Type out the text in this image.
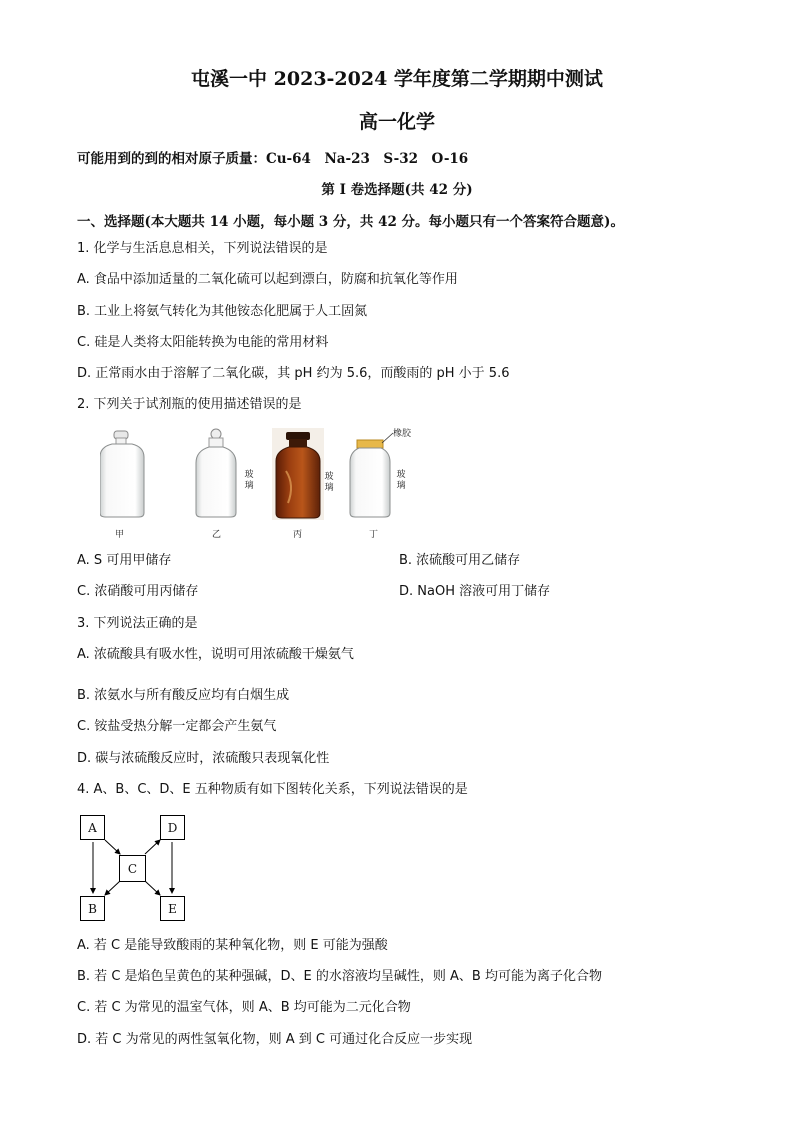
屯溪一中 2023-2024 学年度第二学期期中测试
高一化学
可能用到的到的相对原子质量：Cu-64　Na-23　S-32　O-16
第 I 卷选择题(共 42 分)
一、选择题(本大题共 14 小题，每小题 3 分，共 42 分。每小题只有一个答案符合题意)。
1. 化学与生活息息相关，下列说法错误的是
A. 食品中添加适量的二氧化硫可以起到漂白，防腐和抗氧化等作用
B. 工业上将氨气转化为其他铵态化肥属于人工固氮
C. 硅是人类将太阳能转换为电能的常用材料
D. 正常雨水由于溶解了二氧化碳，其 pH 约为 5.6，而酸雨的 pH 小于 5.6
2. 下列关于试剂瓶的使用描述错误的是
甲	乙	丙	丁
玻
璃
玻
璃
玻
璃
橡胶
A. S 可用甲储存	B. 浓硫酸可用乙储存
C. 浓硝酸可用丙储存	D. NaOH 溶液可用丁储存
3. 下列说法正确的是
A. 浓硫酸具有吸水性，说明可用浓硫酸干燥氨气
B. 浓氨水与所有酸反应均有白烟生成
C. 铵盐受热分解一定都会产生氨气
D. 碳与浓硫酸反应时，浓硫酸只表现氧化性
4. A、B、C、D、E 五种物质有如下图转化关系，下列说法错误的是
A
B
C
D
E
A. 若 C 是能导致酸雨的某种氧化物，则 E 可能为强酸
B. 若 C 是焰色呈黄色的某种强碱，D、E 的水溶液均呈碱性，则 A、B 均可能为离子化合物
C. 若 C 为常见的温室气体，则 A、B 均可能为二元化合物
D. 若 C 为常见的两性氢氧化物，则 A 到 C 可通过化合反应一步实现
